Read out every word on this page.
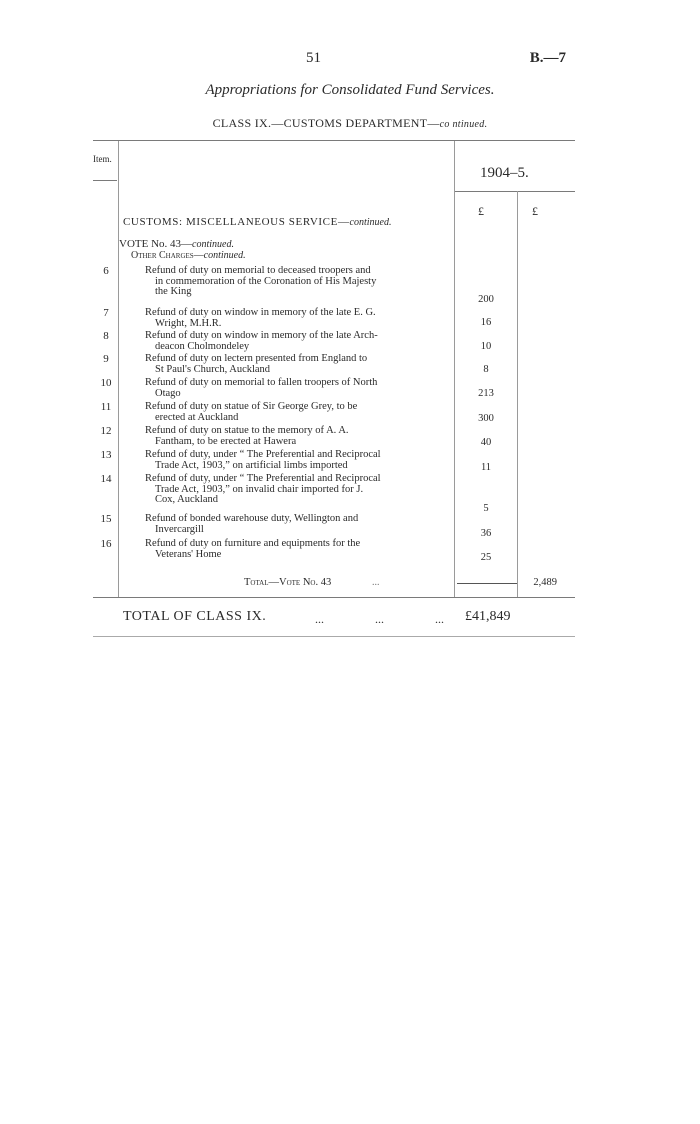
51	B.—7
Appropriations for Consolidated Fund Services.
CLASS IX.—CUSTOMS DEPARTMENT—co ntinued.
Item.
1904–5.
£	£
CUSTOMS: MISCELLANEOUS SERVICE—continued.
VOTE No. 43—continued.
Other Charges—continued.
6	Refund of duty on memorial to deceased troopers and
in commemoration of the Coronation of His Majesty
the King
200
7	Refund of duty on window in memory of the late E. G.
Wright, M.H.R.	16
8	Refund of duty on window in memory of the late Arch-
deacon Cholmondeley	10
9	Refund of duty on lectern presented from England to
St Paul's Church, Auckland	8
10	Refund of duty on memorial to fallen troopers of North
Otago	213
11	Refund of duty on statue of Sir George Grey, to be
erected at Auckland	300
12	Refund of duty on statue to the memory of A. A.
Fantham, to be erected at Hawera	40
13	Refund of duty, under “ The Preferential and Reciprocal
Trade Act, 1903,” on artificial limbs imported	11
14	Refund of duty, under “ The Preferential and Reciprocal
Trade Act, 1903,” on invalid chair imported for J.
Cox, Auckland
5
15	Refund of bonded warehouse duty, Wellington and
Invercargill	36
16	Refund of duty on furniture and equipments for the
Veterans' Home	25
Total—Vote No. 43	...	2,489
TOTAL OF CLASS IX.	...	...	... £41,849
